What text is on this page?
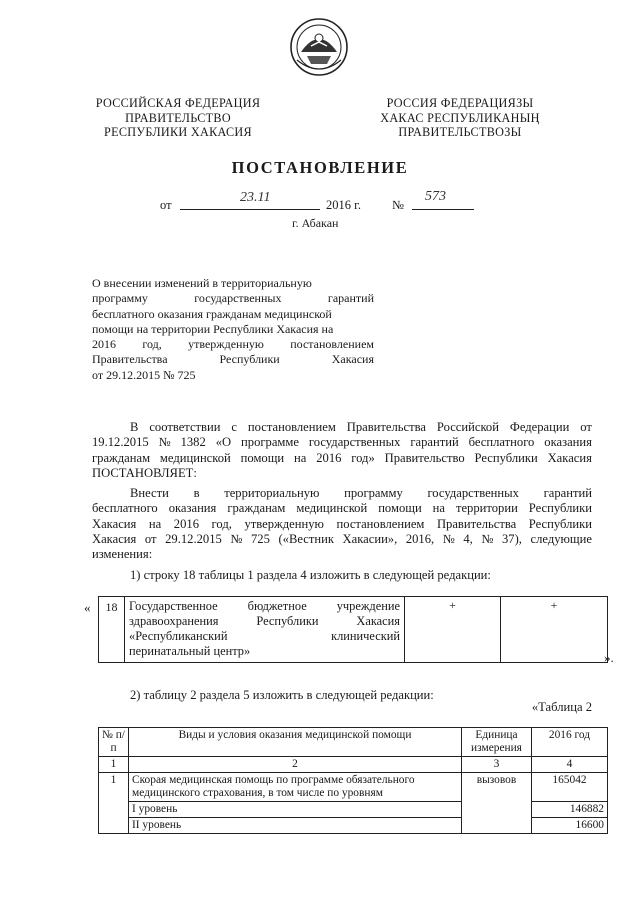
РОССИЙСКАЯ ФЕДЕРАЦИЯ
ПРАВИТЕЛЬСТВО
РЕСПУБЛИКИ ХАКАСИЯ
РОССИЯ ФЕДЕРАЦИЯЗЫ
ХАКАС РЕСПУБЛИКАНЫҢ
ПРАВИТЕЛЬСТВОЗЫ
ПОСТАНОВЛЕНИЕ
от	23.11	2016 г. №
573
г. Абакан
О внесении изменений в территориальную
программу	государственных	гарантий
бесплатного оказания гражданам медицинской
помощи на территории Республики Хакасия на
2016 год, утвержденную постановлением
Правительства	Республики	Хакасия
от 29.12.2015 № 725
В соответствии с постановлением Правительства Российской Федерации от
19.12.2015 № 1382 «О программе государственных гарантий бесплатного оказания
гражданам медицинской помощи на 2016 год» Правительство Республики Хакасия
ПОСТАНОВЛЯЕТ:
Внести в территориальную программу государственных гарантий
бесплатного оказания гражданам медицинской помощи на территории Республики
Хакасия на 2016 год, утвержденную постановлением Правительства Республики
Хакасия от 29.12.2015 № 725 («Вестник Хакасии», 2016, № 4, № 37), следующие
изменения:
1) строку 18 таблицы 1 раздела 4 изложить в следующей редакции:
« 18	Государственное бюджетное учреждение
здравоохранения	Республики	Хакасия
«Республиканский	клинический
перинатальный центр»
	+	+
».
2) таблицу 2 раздела 5 изложить в следующей редакции:
«Таблица 2
№ п/п	Виды и условия оказания медицинской помощи	Единица измерения	2016 год
1	2	3	4
1	Скорая медицинская помощь по программе обязательного медицинского страхования, в том числе по уровням	вызовов	165042
	I уровень		146882
	II уровень		16600
